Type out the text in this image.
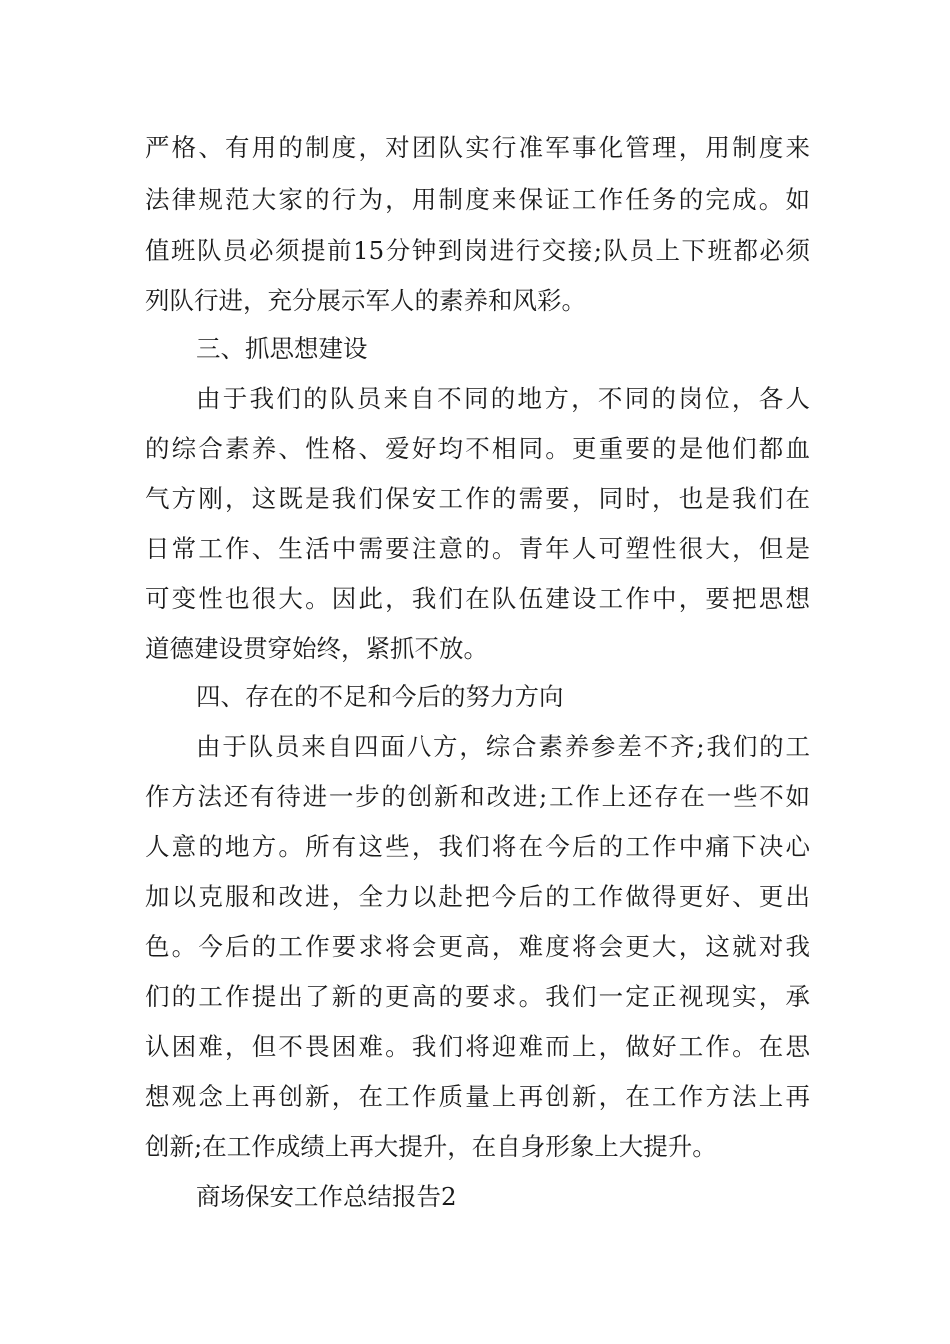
严格、有用的制度，对团队实行准军事化管理，用制度来
法律规范大家的行为，用制度来保证工作任务的完成。如
值班队员必须提前15分钟到岗进行交接;队员上下班都必须
列队行进，充分展示军人的素养和风彩。
三、抓思想建设
由于我们的队员来自不同的地方，不同的岗位，各人
的综合素养、性格、爱好均不相同。更重要的是他们都血
气方刚，这既是我们保安工作的需要，同时，也是我们在
日常工作、生活中需要注意的。青年人可塑性很大，但是
可变性也很大。因此，我们在队伍建设工作中，要把思想
道德建设贯穿始终，紧抓不放。
四、存在的不足和今后的努力方向
由于队员来自四面八方，综合素养参差不齐;我们的工
作方法还有待进一步的创新和改进;工作上还存在一些不如
人意的地方。所有这些，我们将在今后的工作中痛下决心
加以克服和改进，全力以赴把今后的工作做得更好、更出
色。今后的工作要求将会更高，难度将会更大，这就对我
们的工作提出了新的更高的要求。我们一定正视现实，承
认困难，但不畏困难。我们将迎难而上，做好工作。在思
想观念上再创新，在工作质量上再创新，在工作方法上再
创新;在工作成绩上再大提升，在自身形象上大提升。
商场保安工作总结报告2
